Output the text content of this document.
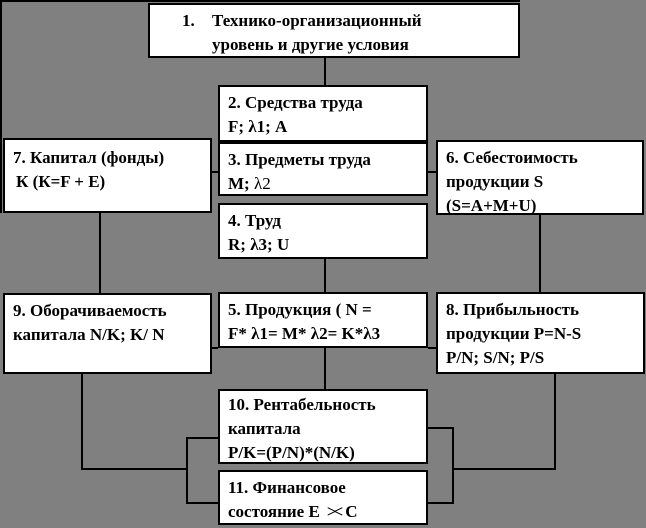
1.	Технико-организационный
уровень и другие условия
2. Средства труда
F; λ1; A
3. Предметы труда
M; λ2
4. Труд
R; λ3; U
6. Себестоимость
продукции S
(S=A+M+U)
7. Капитал (фонды)
К (К=F + E)
5. Продукция ( N =
F* λ1= M* λ2= K*λ3
8. Прибыльность
продукции P=N-S
P/N; S/N; P/S
9. Оборачиваемость
капитала N/K; K/ N
10. Рентабельность
капитала
P/K=(P/N)*(N/K)
11. Финансовое
состояние Е >< С
